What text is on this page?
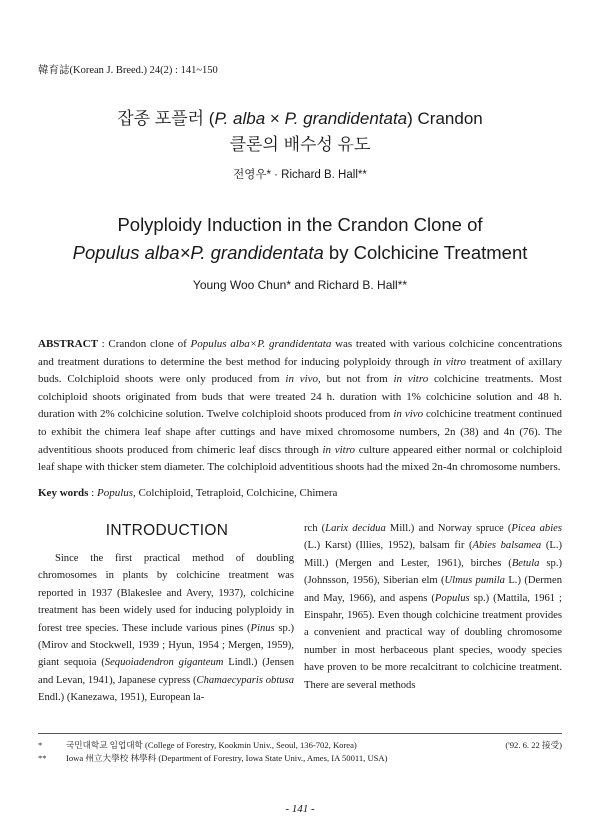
韓育誌(Korean J. Breed.) 24(2) : 141~150
잡종 포플러 (P. alba × P. grandidentata) Crandon
클론의 배수성 유도
전영우* · Richard B. Hall**
Polyploidy Induction in the Crandon Clone of
Populus alba×P. grandidentata by Colchicine Treatment
Young Woo Chun* and Richard B. Hall**
ABSTRACT : Crandon clone of Populus alba×P. grandidentata was treated with various colchicine concentrations and treatment durations to determine the best method for inducing polyploidy through in vitro treatment of axillary buds. Colchiploid shoots were only produced from in vivo, but not from in vitro colchicine treatments. Most colchiploid shoots originated from buds that were treated 24 h. duration with 1% colchicine solution and 48 h. duration with 2% colchicine solution. Twelve colchiploid shoots produced from in vivo colchicine treatment continued to exhibit the chimera leaf shape after cuttings and have mixed chromosome numbers, 2n (38) and 4n (76). The adventitious shoots produced from chimeric leaf discs through in vitro culture appeared either normal or colchiploid leaf shape with thicker stem diameter. The colchiploid adventitious shoots had the mixed 2n-4n chromosome numbers.
Key words : Populus, Colchiploid, Tetraploid, Colchicine, Chimera
INTRODUCTION

Since the first practical method of doubling chromosomes in plants by colchicine treatment was reported in 1937 (Blakeslee and Avery, 1937), colchicine treatment has been widely used for inducing polyploidy in forest tree species. These include various pines (Pinus sp.) (Mirov and Stockwell, 1939 ; Hyun, 1954 ; Mergen, 1959), giant sequoia (Sequoiadendron giganteum Lindl.) (Jensen and Levan, 1941), Japanese cypress (Chamaecyparis obtusa Endl.) (Kanezawa, 1951), European la-

rch (Larix decidua Mill.) and Norway spruce (Picea abies (L.) Karst) (Illies, 1952), balsam fir (Abies balsamea (L.) Mill.) (Mergen and Lester, 1961), birches (Betula sp.) (Johnsson, 1956), Siberian elm (Ulmus pumila L.) (Dermen and May, 1966), and aspens (Populus sp.) (Mattila, 1961 ; Einspahr, 1965). Even though colchicine treatment provides a convenient and practical way of doubling chromosome number in most herbaceous plant species, woody species have proven to be more recalcitrant to colchicine treatment. There are several methods

*	국민대학교 임업대학 (College of Forestry, Kookmin Univ., Seoul, 136-702, Korea)	('92. 6. 22 接受)
** Iowa 州立大學校 林學科 (Department of Forestry, Iowa State Univ., Ames, IA 50011, USA)
- 141 -
